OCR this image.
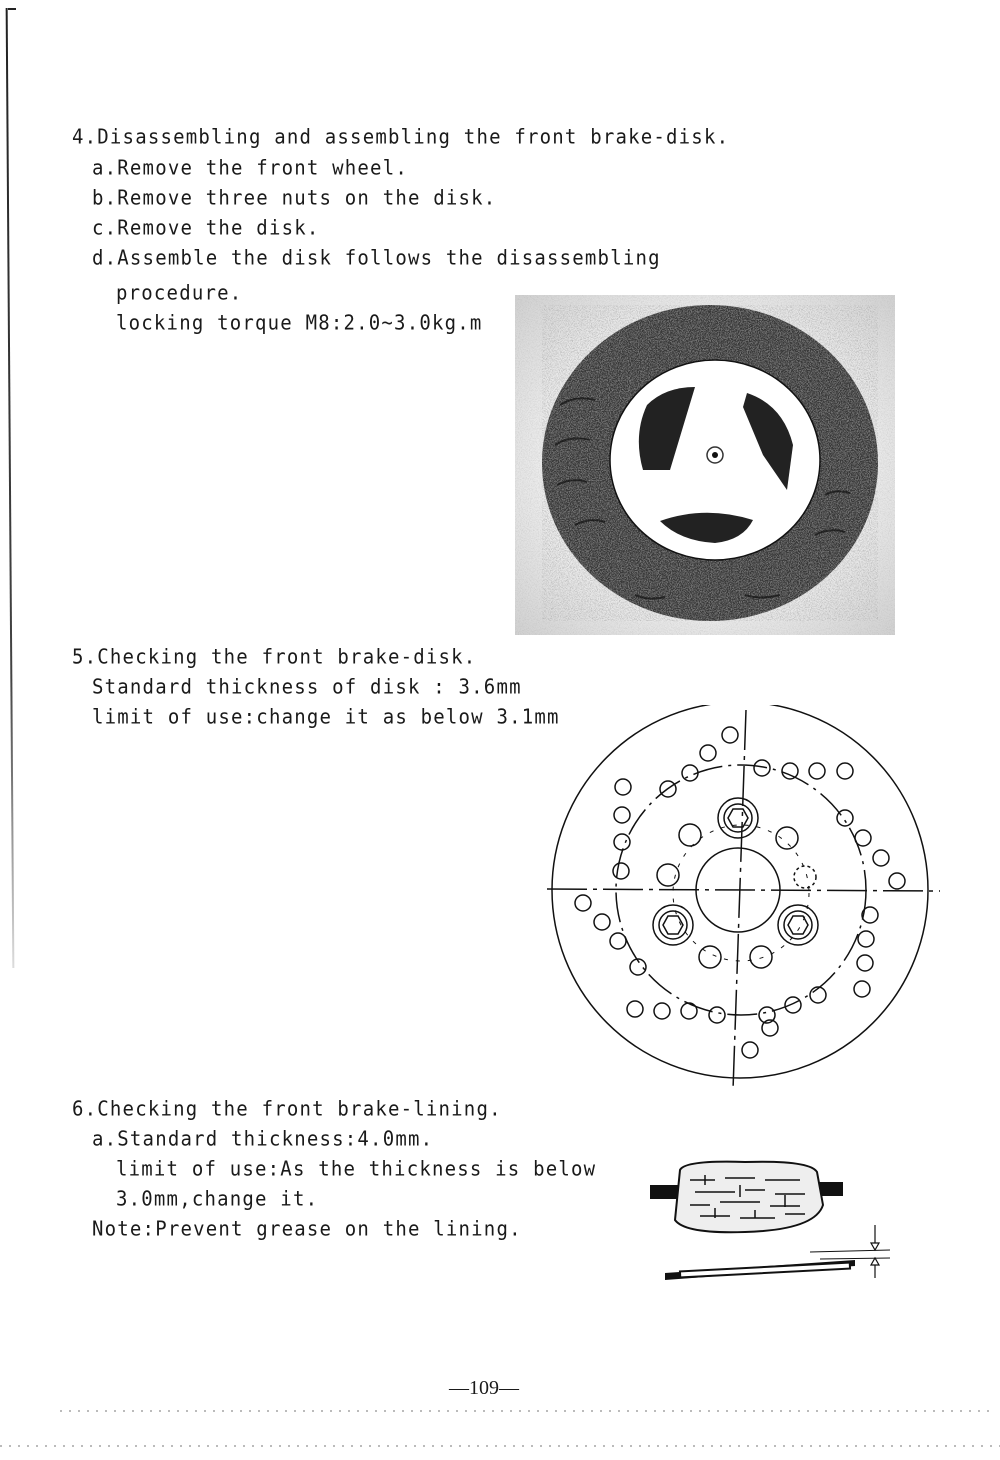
4.Disassembling and assembling the front brake-disk.
a.Remove the front wheel.
b.Remove three nuts on the disk.
c.Remove the disk.
d.Assemble the disk follows the disassembling
procedure.
locking torque M8:2.0~3.0kg.m
5.Checking the front brake-disk.
Standard thickness of disk : 3.6mm
limit of use:change it as below 3.1mm
6.Checking the front brake-lining.
a.Standard thickness:4.0mm.
limit of use:As the thickness is below
3.0mm,change it.
Note:Prevent grease on the lining.
—109—
